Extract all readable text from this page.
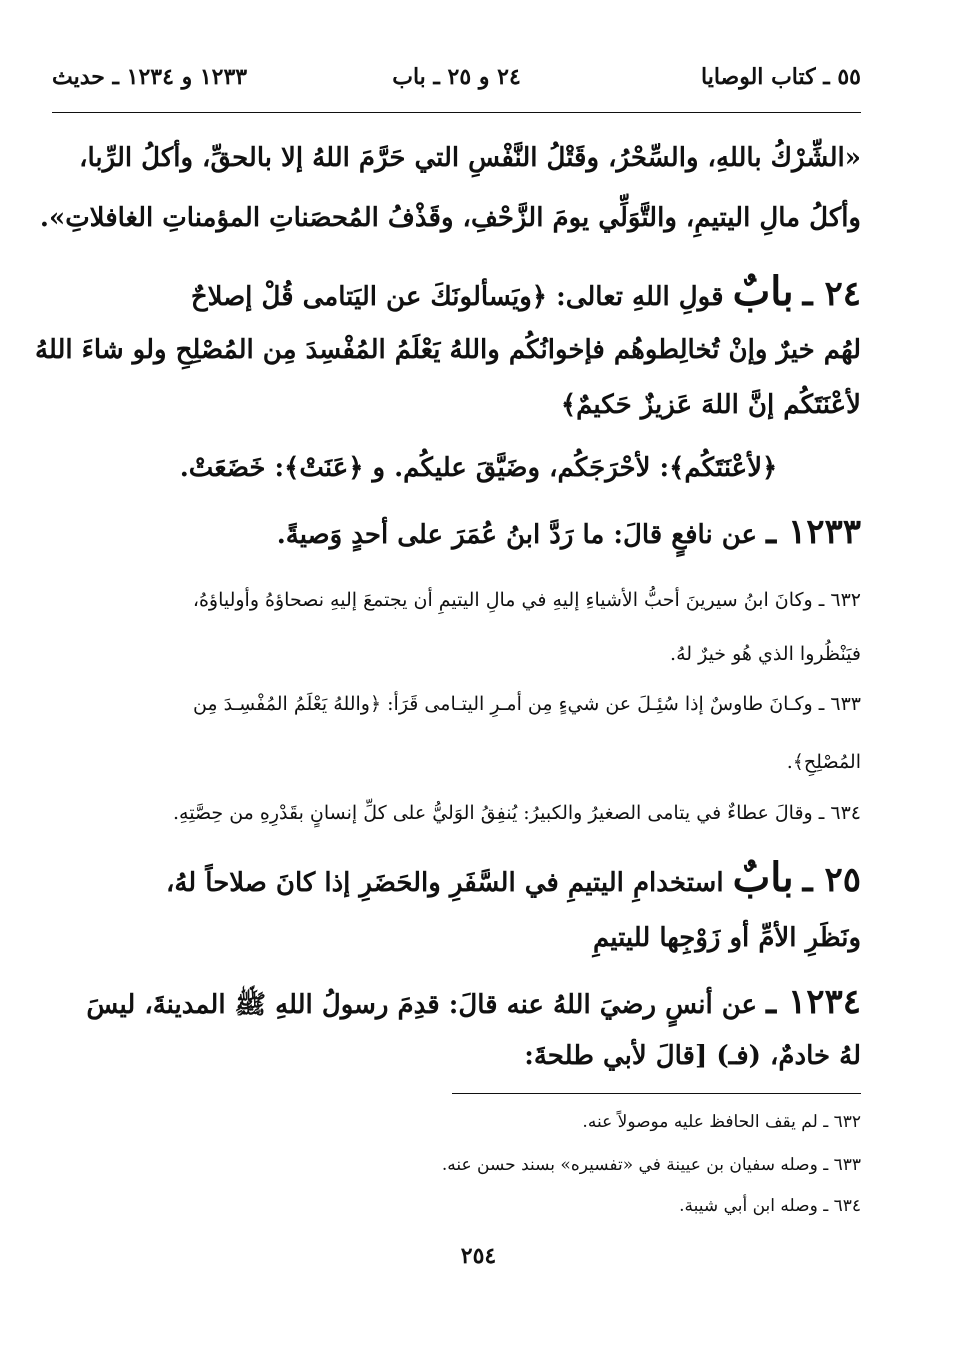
٥٥ ـ كتاب الوصايا
٢٤ و ٢٥ ـ باب
١٢٣٣ و ١٢٣٤ ـ حديث
«الشِّرْكُ باللهِ، والسِّحْرُ، وقَتْلُ النَّفْسِ التي حَرَّمَ اللهُ إلا بالحقِّ، وأكلُ الرِّبا،
وأكلُ مالِ اليتيمِ، والتَّوَلِّي يومَ الزَّحْفِ، وقَذْفُ المُحصَناتِ المؤمناتِ الغافلاتِ».
٢٤ ـ بابٌ قولِ اللهِ تعالى: ﴿ويَسألونَكَ عن اليَتامى قُلْ إصلاحٌ
لهُم خيرٌ وإنْ تُخالِطوهُم فإخوانُكُم واللهُ يَعْلَمُ المُفْسِدَ مِن المُصْلِحِ ولو شاءَ اللهُ
لأعْنَتَكُم إنَّ اللهَ عَزيزٌ حَكيمٌ﴾
﴿لأعْنَتَكُم﴾: لأحْرَجَكُم، وضَيَّقَ عليكُم. و ﴿عَنَتْ﴾: خَضَعَتْ.
١٢٣٣ ـ عن نافعٍ قالَ: ما رَدَّ ابنُ عُمَرَ على أحدٍ وَصيةً.
٦٣٢ ـ وكانَ ابنُ سيرينَ أحبُّ الأشياءِ إليهِ في مالِ اليتيمِ أن يجتمعَ إليهِ نصحاؤهُ وأولياؤهُ،
فيَنْظُروا الذي هُو خيرٌ لهُ.
٦٣٣ ـ وكـانَ طاوسٌ إذا سُئِـلَ عن شيءٍ مِن أمـرِ اليتـامى قَرَأ: ﴿واللهُ يَعْلَمُ المُفْسِـدَ مِن
المُصْلِحِ﴾.
٦٣٤ ـ وقالَ عطاءٌ في يتامى الصغيرُ والكبيرُ: يُنفِقُ الوَليُّ على كلِّ إنسانٍ بقَدْرِهِ من حِصَّتِهِ.
٢٥ ـ بابٌ استخدامِ اليتيمِ في السَّفَرِ والحَضَرِ إذا كانَ صلاحاً لهُ،
ونَظَرِ الأمِّ أو زَوْجِها لليتيمِ
١٢٣٤ ـ عن أنسٍ رضيَ اللهُ عنه قالَ: قدِمَ رسولُ اللهِ ﷺ المدينةَ، ليسَ
لهُ خادمٌ، (فـ) [قالَ لأبي طلحةَ:
٦٣٢ ـ لم يقف الحافظ عليه موصولاً عنه.
٦٣٣ ـ وصله سفيان بن عيينة في «تفسيره» بسند حسن عنه.
٦٣٤ ـ وصله ابن أبي شيبة.
٢٥٤
